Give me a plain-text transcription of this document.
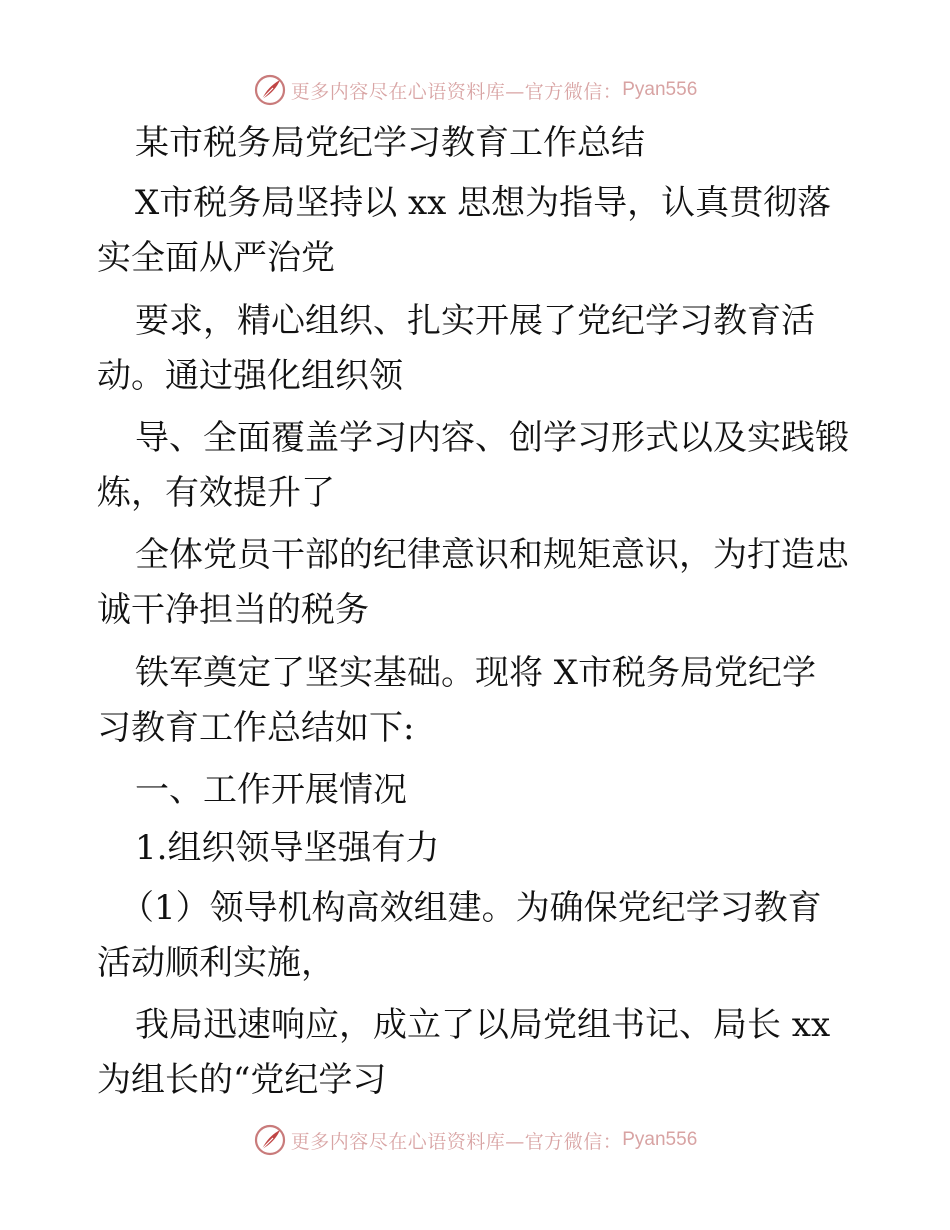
更多内容尽在心语资料库—官方微信： Pyan556
某市税务局党纪学习教育工作总结
X市税务局坚持以 xx 思想为指导，认真贯彻落
实全面从严治党
要求，精心组织、扎实开展了党纪学习教育活
动。通过强化组织领
导、全面覆盖学习内容、创学习形式以及实践锻
炼，有效提升了
全体党员干部的纪律意识和规矩意识，为打造忠
诚干净担当的税务
铁军奠定了坚实基础。现将 X市税务局党纪学
习教育工作总结如下:
一、工作开展情况
1.组织领导坚强有力
（1）领导机构高效组建。为确保党纪学习教育
活动顺利实施，
我局迅速响应，成立了以局党组书记、局长 xx
为组长的“党纪学习
更多内容尽在心语资料库—官方微信： Pyan556
